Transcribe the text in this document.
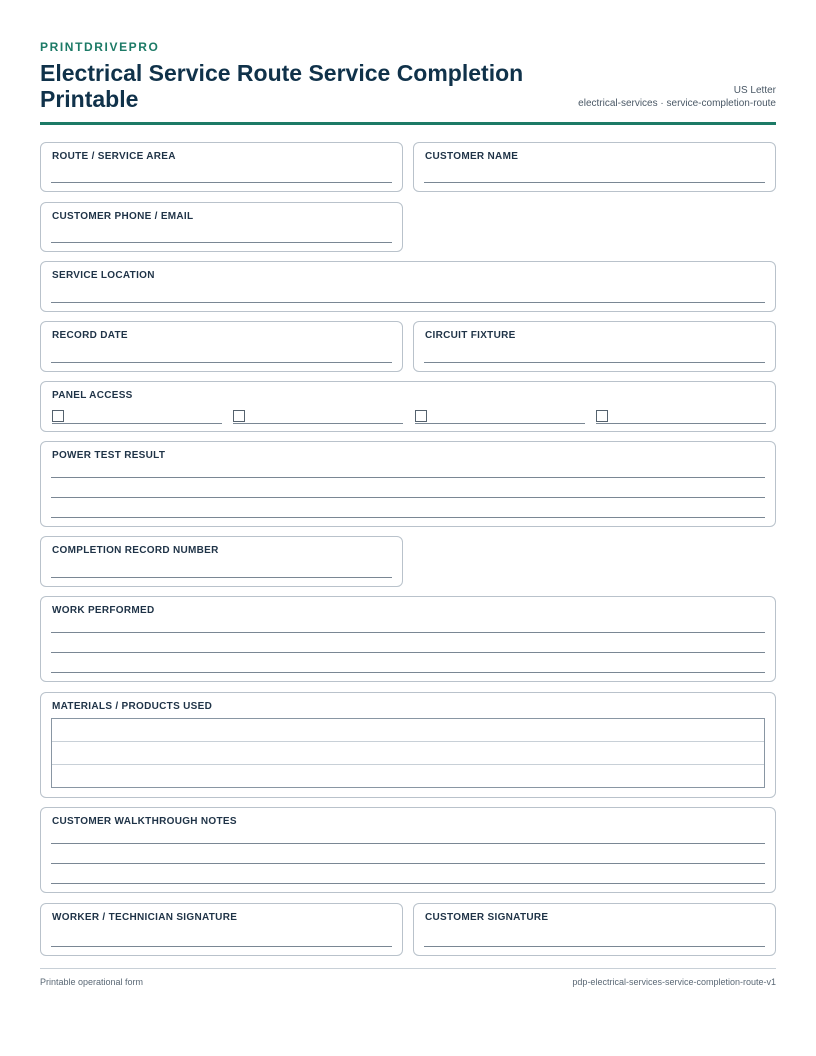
PRINTDRIVEPRO
Electrical Service Route Service Completion Printable	US Letter
electrical-services · service-completion-route
ROUTE / SERVICE AREA	CUSTOMER NAME
CUSTOMER PHONE / EMAIL
SERVICE LOCATION
RECORD DATE	CIRCUIT FIXTURE
PANEL ACCESS
POWER TEST RESULT
COMPLETION RECORD NUMBER
WORK PERFORMED
MATERIALS / PRODUCTS USED
CUSTOMER WALKTHROUGH NOTES
WORKER / TECHNICIAN SIGNATURE	CUSTOMER SIGNATURE
Printable operational form	pdp-electrical-services-service-completion-route-v1
